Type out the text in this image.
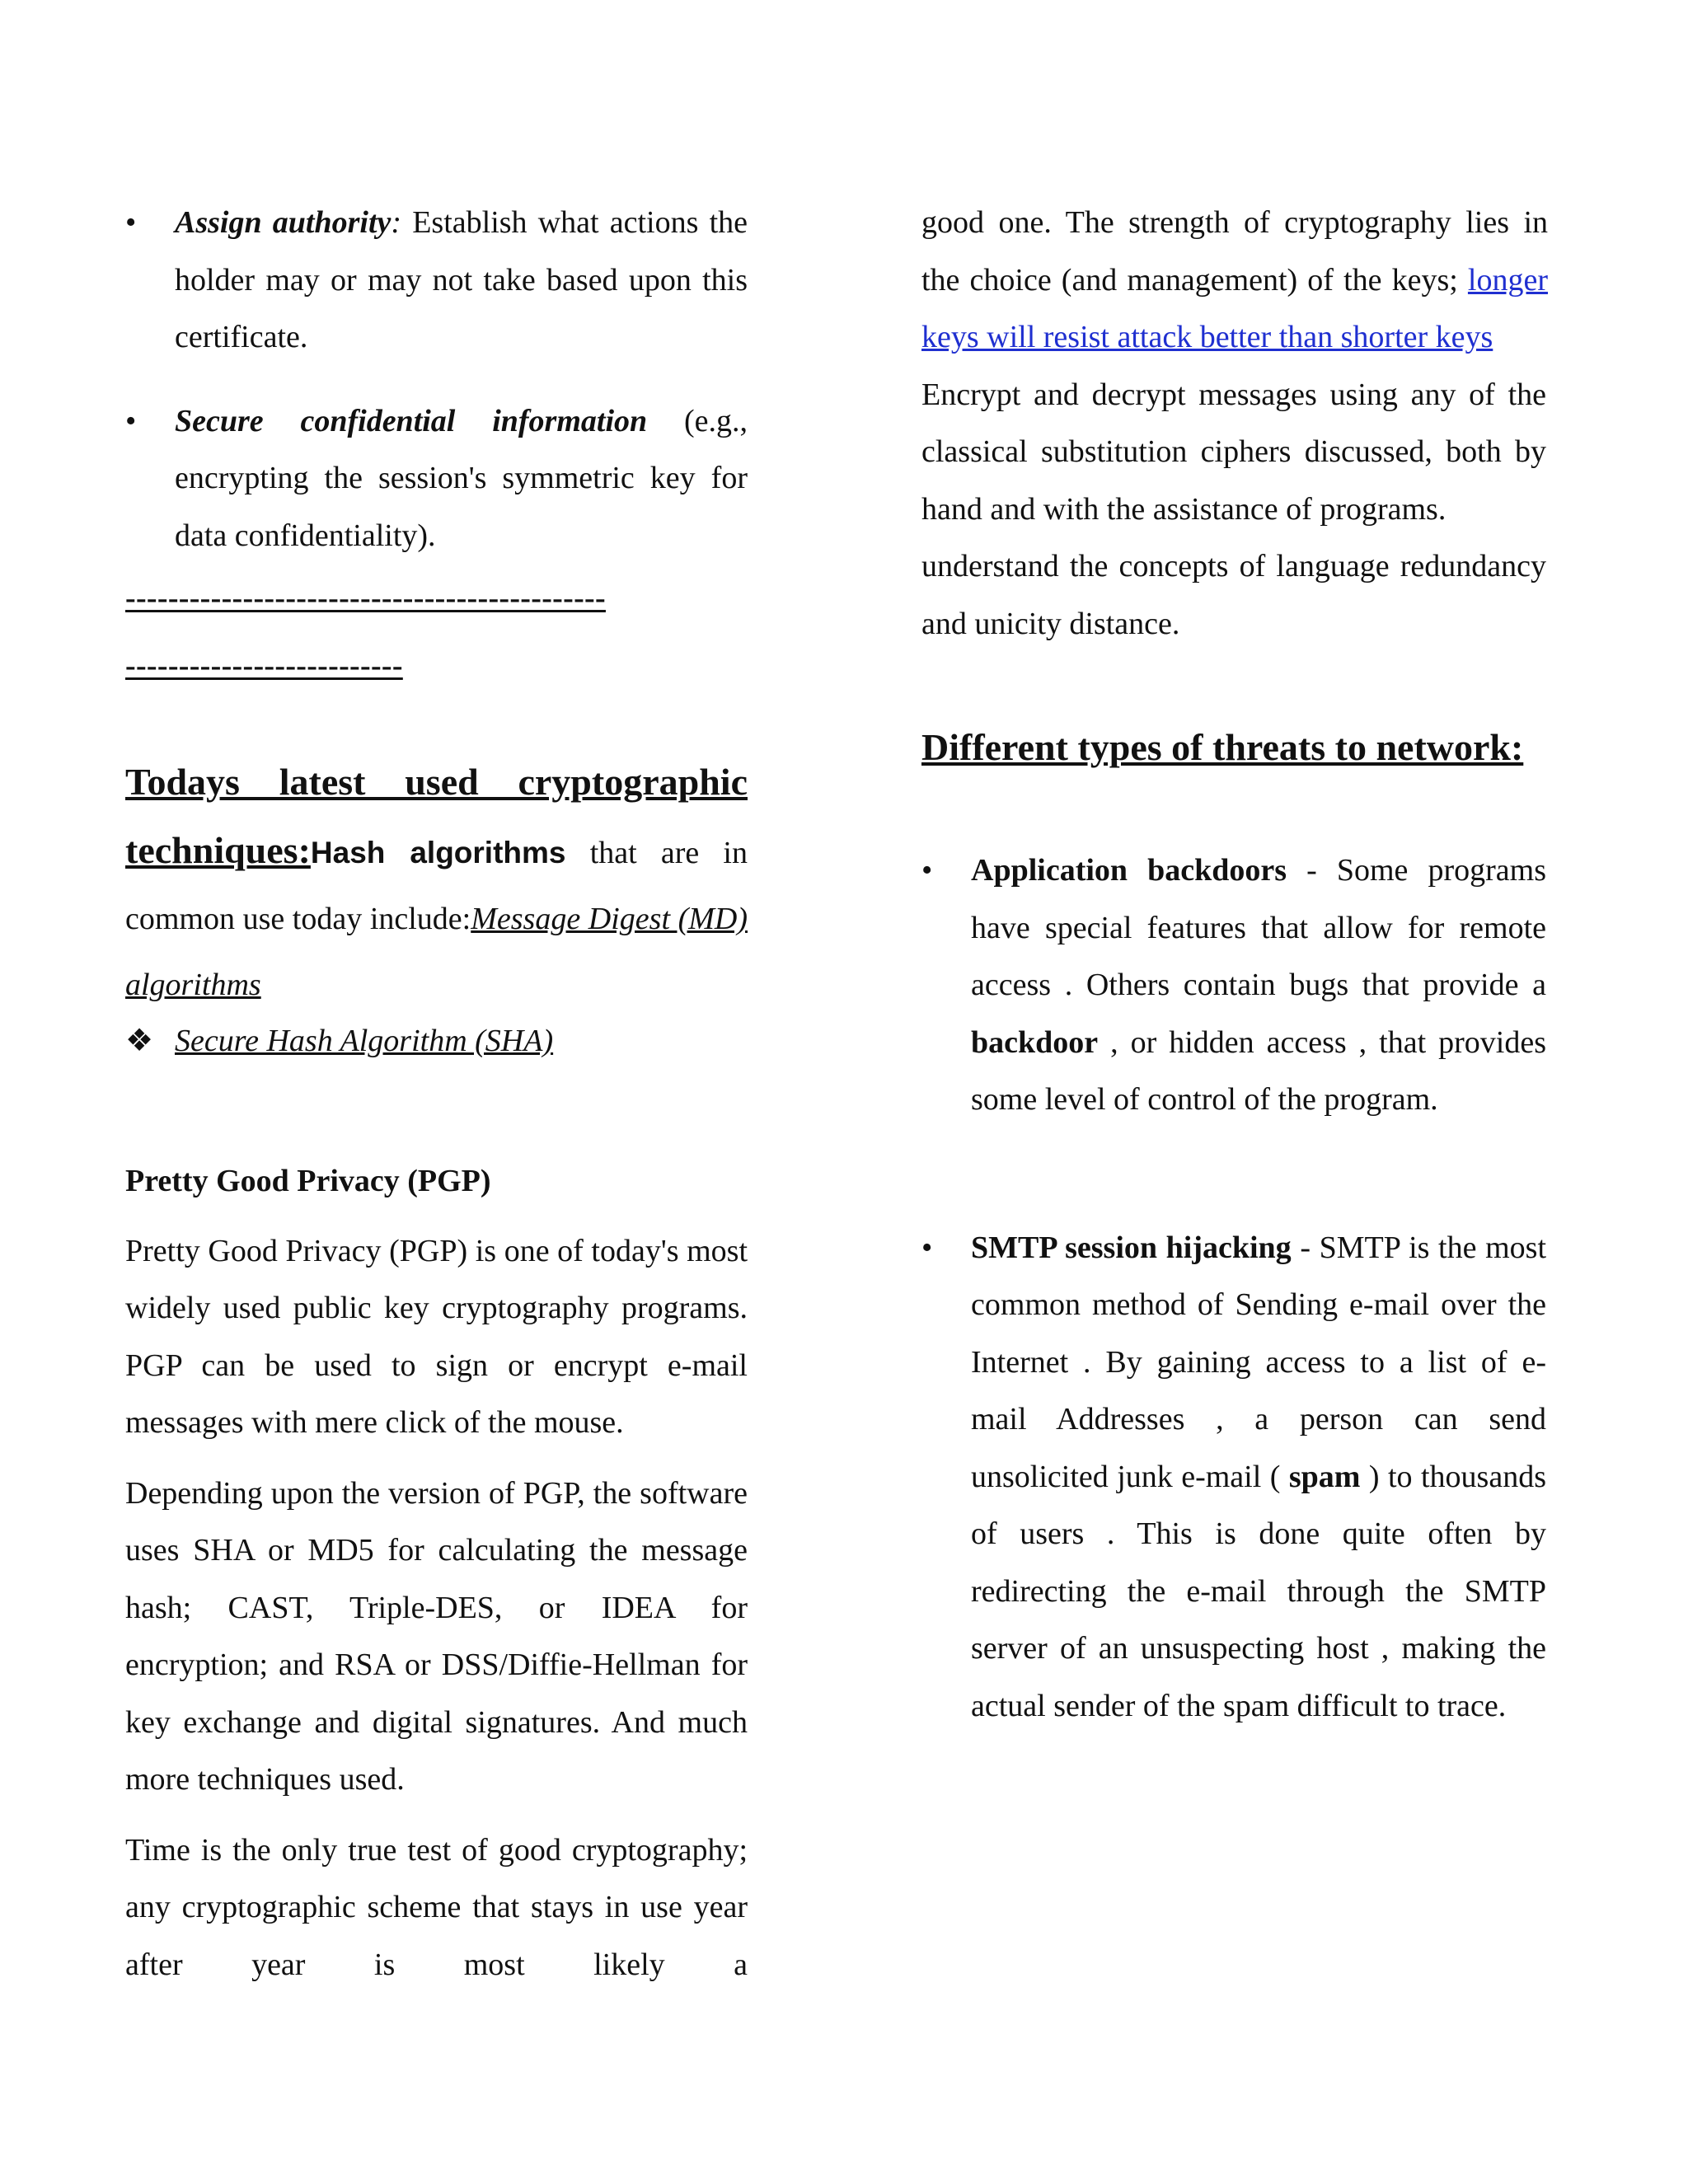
• Assign authority: Establish what actions the holder may or may not take based upon this certificate.

• Secure confidential information (e.g., encrypting the session's symmetric key for data confidentiality).

---------------------------------------------
--------------------------

Todays latest used cryptographic techniques:Hash algorithms that are in common use today include:Message Digest (MD) algorithms

❖ Secure Hash Algorithm (SHA)

Pretty Good Privacy (PGP)

Pretty Good Privacy (PGP) is one of today's most widely used public key cryptography programs. PGP can be used to sign or encrypt e-mail messages with mere click of the mouse.

Depending upon the version of PGP, the software uses SHA or MD5 for calculating the message hash; CAST, Triple-DES, or IDEA for encryption; and RSA or DSS/Diffie-Hellman for key exchange and digital signatures. And much more techniques used.

Time is the only true test of good cryptography; any cryptographic scheme that stays in use year after year is most likely a

good one. The strength of cryptography lies in the choice (and management) of the keys; longer keys will resist attack better than shorter keys

Encrypt and decrypt messages using any of the classical substitution ciphers discussed, both by hand and with the assistance of programs.

understand the concepts of language redundancy and unicity distance.

Different types of threats to network:

• Application backdoors - Some programs have special features that allow for remote access . Others contain bugs that provide a backdoor , or hidden access , that provides some level of control of the program.

• SMTP session hijacking - SMTP is the most common method of Sending e-mail over the Internet . By gaining access to a list of e- mail Addresses , a person can send unsolicited junk e-mail ( spam ) to thousands of users . This is done quite often by redirecting the e-mail through the SMTP server of an unsuspecting host , making the actual sender of the spam difficult to trace.
